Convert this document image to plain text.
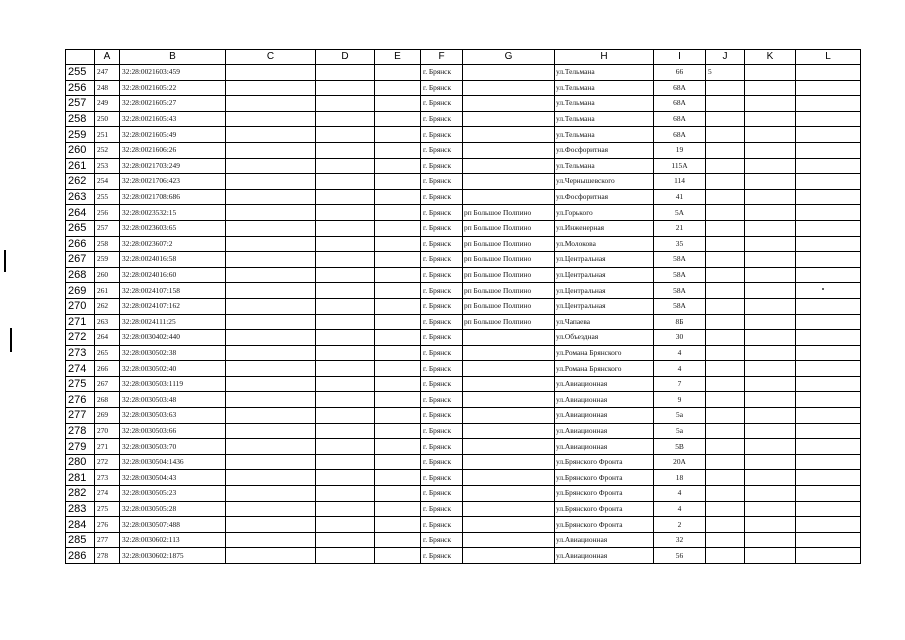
	A	B	C	D	E	F	G	H	I	J	K	L
255	247	32:28:0021603:459				г. Брянск		ул.Тельмана	66	5		
256	248	32:28:0021605:22				г. Брянск		ул.Тельмана	68А			
257	249	32:28:0021605:27				г. Брянск		ул.Тельмана	68А			
258	250	32:28:0021605:43				г. Брянск		ул.Тельмана	68А			
259	251	32:28:0021605:49				г. Брянск		ул.Тельмана	68А			
260	252	32:28:0021606:26				г. Брянск		ул.Фосфоритная	19			
261	253	32:28:0021703:249				г. Брянск		ул.Тельмана	115А			
262	254	32:28:0021706:423				г. Брянск		ул.Чернышевского	114			
263	255	32:28:0021708:686				г. Брянск		ул.Фосфоритная	41			
264	256	32:28:0023532:15				г. Брянск	рп Большое Полпино	ул.Горького	5А			
265	257	32:28:0023603:65				г. Брянск	рп Большое Полпино	ул.Инженерная	21			
266	258	32:28:0023607:2				г. Брянск	рп Большое Полпино	ул.Молокова	35			
267	259	32:28:0024016:58				г. Брянск	рп Большое Полпино	ул.Центральная	58А			
268	260	32:28:0024016:60				г. Брянск	рп Большое Полпино	ул.Центральная	58А			
269	261	32:28:0024107:158				г. Брянск	рп Большое Полпино	ул.Центральная	58А			
270	262	32:28:0024107:162				г. Брянск	рп Большое Полпино	ул.Центральная	58А			
271	263	32:28:0024111:25				г. Брянск	рп Большое Полпино	ул.Чапаева	8Б			
272	264	32:28:0030402:440				г. Брянск		ул.Объездная	30			
273	265	32:28:0030502:38				г. Брянск		ул.Романа Брянского	4			
274	266	32:28:0030502:40				г. Брянск		ул.Романа Брянского	4			
275	267	32:28:0030503:1119				г. Брянск		ул.Авиационная	7			
276	268	32:28:0030503:48				г. Брянск		ул.Авиационная	9			
277	269	32:28:0030503:63				г. Брянск		ул.Авиационная	5а			
278	270	32:28:0030503:66				г. Брянск		ул.Авиационная	5а			
279	271	32:28:0030503:70				г. Брянск		ул.Авиационная	5В			
280	272	32:28:0030504:1436				г. Брянск		ул.Брянского Фронта	20А			
281	273	32:28:0030504:43				г. Брянск		ул.Брянского Фронта	18			
282	274	32:28:0030505:23				г. Брянск		ул.Брянского Фронта	4			
283	275	32:28:0030505:28				г. Брянск		ул.Брянского Фронта	4			
284	276	32:28:0030507:488				г. Брянск		ул.Брянского Фронта	2			
285	277	32:28:0030602:113				г. Брянск		ул.Авиационная	32			
286	278	32:28:0030602:1875				г. Брянск		ул.Авиационная	56			
